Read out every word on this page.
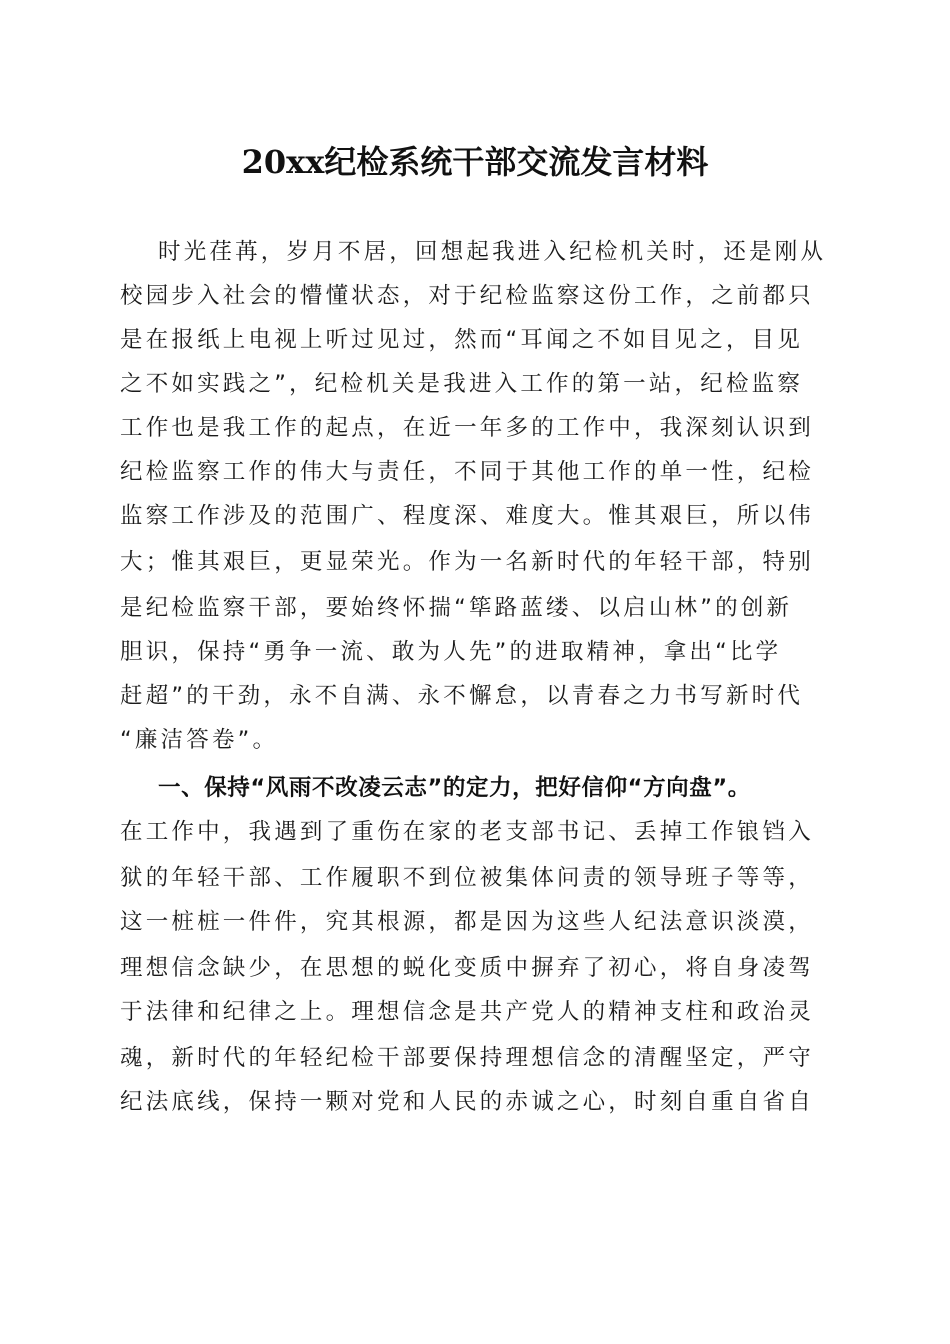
20xx纪检系统干部交流发言材料
时光荏苒，岁月不居，回想起我进入纪检机关时，还是刚从
校园步入社会的懵懂状态，对于纪检监察这份工作，之前都只
是在报纸上电视上听过见过，然而“耳闻之不如目见之，目见
之不如实践之”，纪检机关是我进入工作的第一站，纪检监察
工作也是我工作的起点，在近一年多的工作中，我深刻认识到
纪检监察工作的伟大与责任，不同于其他工作的单一性，纪检
监察工作涉及的范围广、程度深、难度大。惟其艰巨，所以伟
大；惟其艰巨，更显荣光。作为一名新时代的年轻干部，特别
是纪检监察干部，要始终怀揣“筚路蓝缕、以启山林”的创新
胆识，保持“勇争一流、敢为人先”的进取精神，拿出“比学
赶超”的干劲，永不自满、永不懈怠，以青春之力书写新时代
“廉洁答卷”。
一、保持“风雨不改凌云志”的定力，把好信仰“方向盘”。
在工作中，我遇到了重伤在家的老支部书记、丢掉工作锒铛入
狱的年轻干部、工作履职不到位被集体问责的领导班子等等，
这一桩桩一件件，究其根源，都是因为这些人纪法意识淡漠，
理想信念缺少，在思想的蜕化变质中摒弃了初心，将自身凌驾
于法律和纪律之上。理想信念是共产党人的精神支柱和政治灵
魂，新时代的年轻纪检干部要保持理想信念的清醒坚定，严守
纪法底线，保持一颗对党和人民的赤诚之心，时刻自重自省自
